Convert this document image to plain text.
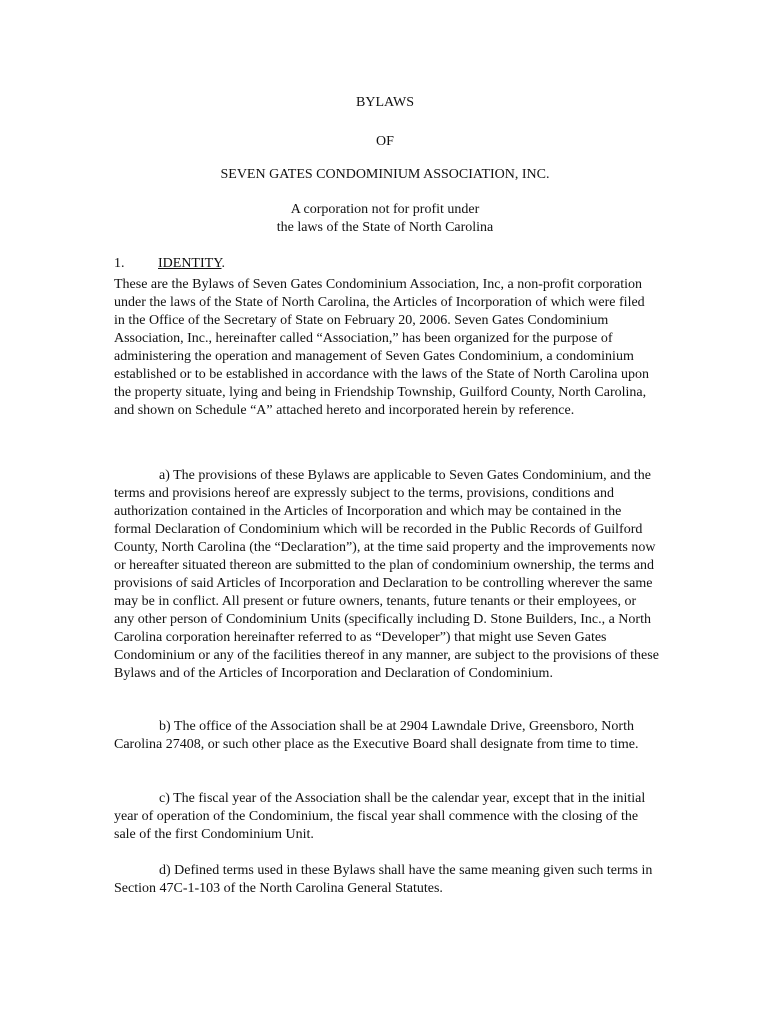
BYLAWS
OF
SEVEN GATES CONDOMINIUM ASSOCIATION, INC.
A corporation not for profit under
the laws of the State of North Carolina
1. IDENTITY.

These are the Bylaws of Seven Gates Condominium Association, Inc, a non-profit corporation under the laws of the State of North Carolina, the Articles of Incorporation of which were filed in the Office of the Secretary of State on February 20, 2006. Seven Gates Condominium Association, Inc., hereinafter called “Association,” has been organized for the purpose of administering the operation and management of Seven Gates Condominium, a condominium established or to be established in accordance with the laws of the State of North Carolina upon the property situate, lying and being in Friendship Township, Guilford County, North Carolina, and shown on Schedule “A” attached hereto and incorporated herein by reference.

a) The provisions of these Bylaws are applicable to Seven Gates Condominium, and the terms and provisions hereof are expressly subject to the terms, provisions, conditions and authorization contained in the Articles of Incorporation and which may be contained in the formal Declaration of Condominium which will be recorded in the Public Records of Guilford County, North Carolina (the “Declaration”), at the time said property and the improvements now or hereafter situated thereon are submitted to the plan of condominium ownership, the terms and provisions of said Articles of Incorporation and Declaration to be controlling wherever the same may be in conflict. All present or future owners, tenants, future tenants or their employees, or any other person of Condominium Units (specifically including D. Stone Builders, Inc., a North Carolina corporation hereinafter referred to as “Developer”) that might use Seven Gates Condominium or any of the facilities thereof in any manner, are subject to the provisions of these Bylaws and of the Articles of Incorporation and Declaration of Condominium.

b) The office of the Association shall be at 2904 Lawndale Drive, Greensboro, North Carolina 27408, or such other place as the Executive Board shall designate from time to time.

c) The fiscal year of the Association shall be the calendar year, except that in the initial year of operation of the Condominium, the fiscal year shall commence with the closing of the sale of the first Condominium Unit.

d) Defined terms used in these Bylaws shall have the same meaning given such terms in Section 47C-1-103 of the North Carolina General Statutes.
